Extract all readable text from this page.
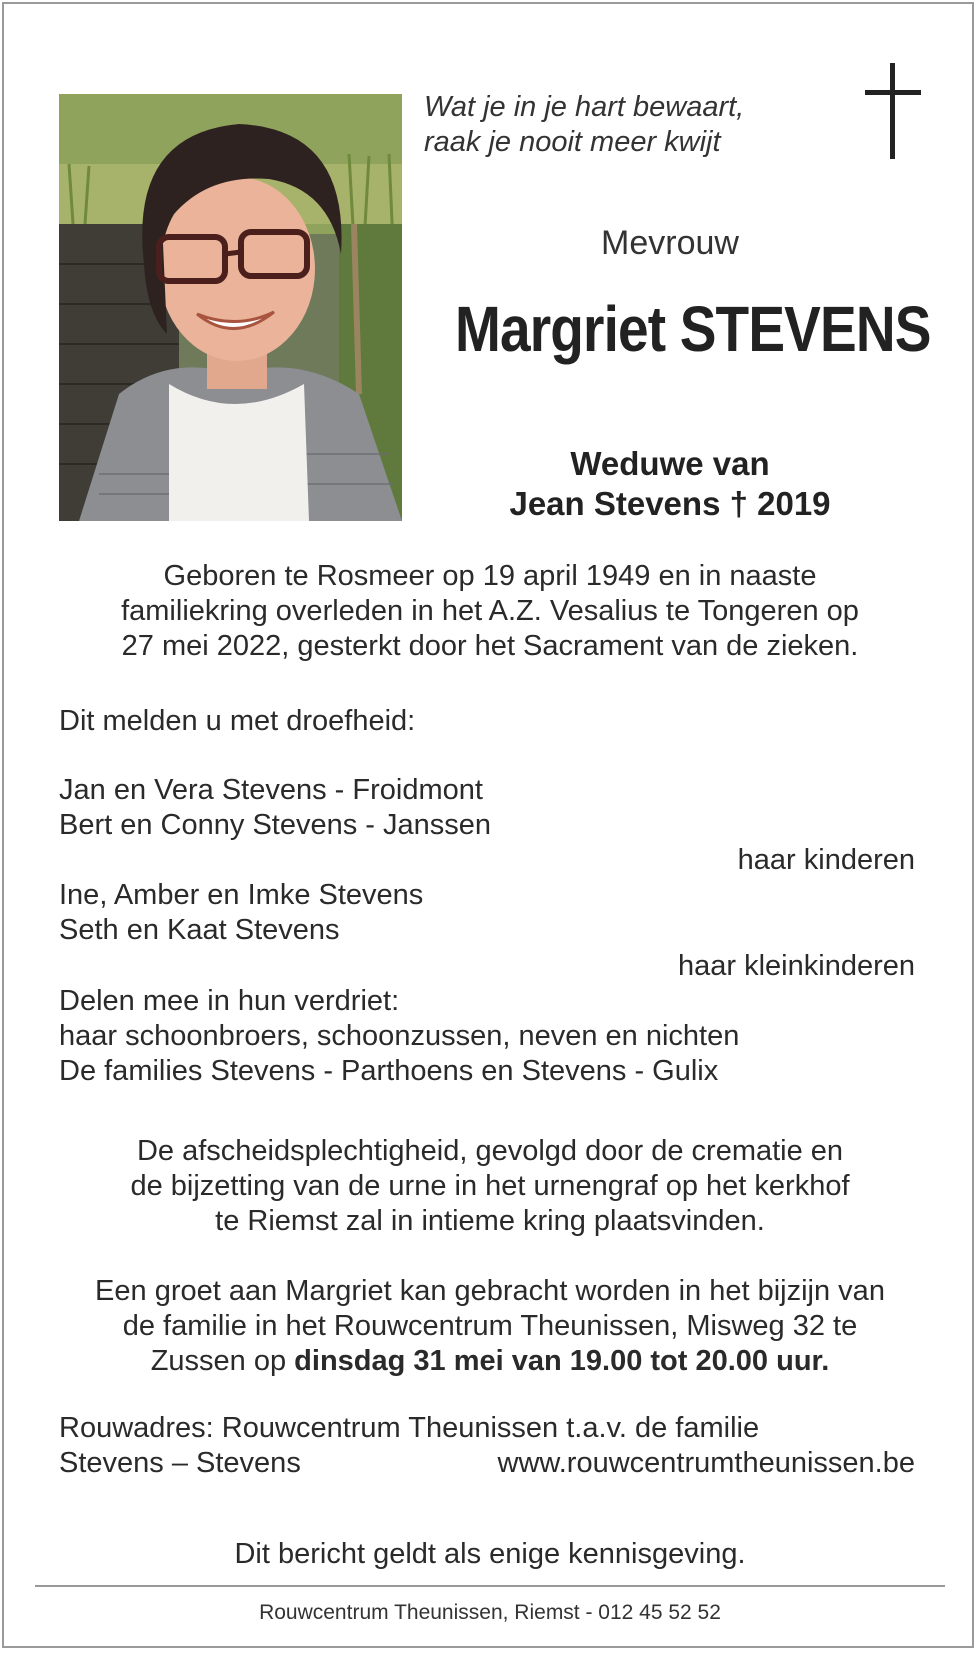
Wat je in je hart bewaart,
raak je nooit meer kwijt
Mevrouw
Margriet STEVENS
Weduwe van
Jean Stevens † 2019
Geboren te Rosmeer op 19 april 1949 en in naaste
familiekring overleden in het A.Z. Vesalius te Tongeren op
27 mei 2022, gesterkt door het Sacrament van de zieken.
Dit melden u met droefheid:
Jan en Vera Stevens - Froidmont
Bert en Conny Stevens - Janssen
haar kinderen
Ine, Amber en Imke Stevens
Seth en Kaat Stevens
haar kleinkinderen
Delen mee in hun verdriet:
haar schoonbroers, schoonzussen, neven en nichten
De families Stevens - Parthoens en Stevens - Gulix
De afscheidsplechtigheid, gevolgd door de crematie en
de bijzetting van de urne in het urnengraf op het kerkhof
te Riemst zal in intieme kring plaatsvinden.
Een groet aan Margriet kan gebracht worden in het bijzijn van
de familie in het Rouwcentrum Theunissen, Misweg 32 te
Zussen op dinsdag 31 mei van 19.00 tot 20.00 uur.
Rouwadres: Rouwcentrum Theunissen t.a.v. de familie
Stevens – Stevens	www.rouwcentrumtheunissen.be
Dit bericht geldt als enige kennisgeving.
Rouwcentrum Theunissen, Riemst - 012 45 52 52
